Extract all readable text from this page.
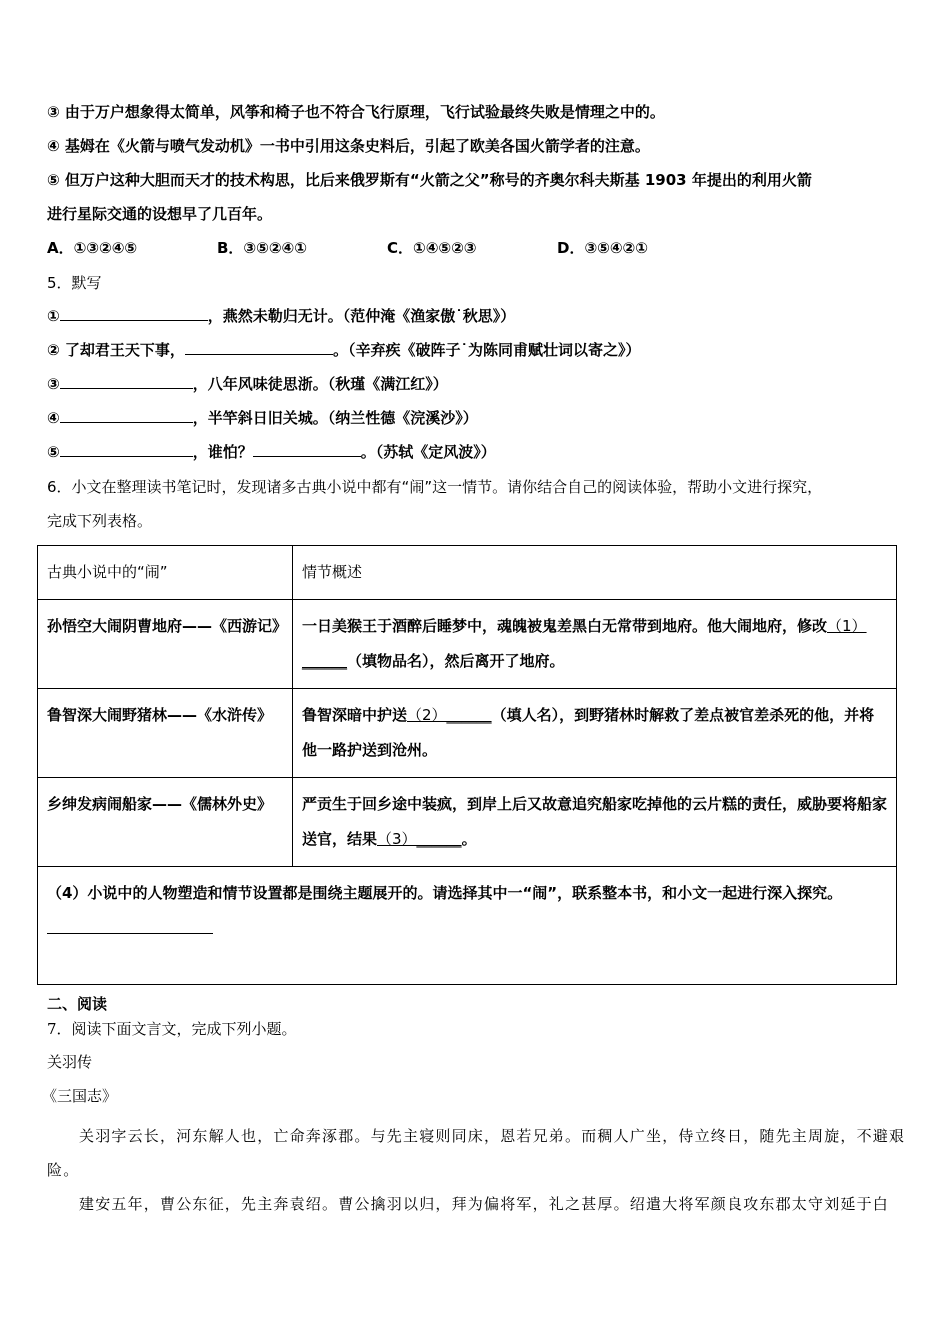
③ 由于万户想象得太简单，风筝和椅子也不符合飞行原理，飞行试验最终失败是情理之中的。
④ 基姆在《火箭与喷气发动机》一书中引用这条史料后，引起了欧美各国火箭学者的注意。
⑤ 但万户这种大胆而天才的技术构思，比后来俄罗斯有“火箭之父”称号的齐奥尔科夫斯基 1903 年提出的利用火箭
进行星际交通的设想早了几百年。
A．①③②④⑤	B．③⑤②④①	C．①④⑤②③	D．③⑤④②①
5．默写
①	，燕然未勒归无计。（范仲淹《渔家傲˙秋思》）
② 了却君王天下事，	。（辛弃疾《破阵子˙为陈同甫赋壮词以寄之》）
③	，八年风味徒思浙。（秋瑾《满江红》）
④	，半竿斜日旧关城。（纳兰性德《浣溪沙》）
⑤	，谁怕？	。（苏轼《定风波》）
6．小文在整理读书笔记时，发现诸多古典小说中都有“闹”这一情节。请你结合自己的阅读体验，帮助小文进行探究，
完成下列表格。
古典小说中的“闹”	情节概述
孙悟空大闹阴曹地府——《西游记》	一日美猴王于酒醉后睡梦中，魂魄被鬼差黑白无常带到地府。他大闹地府，修改（1）______（填物品名），然后离开了地府。
鲁智深大闹野猪林——《水浒传》	鲁智深暗中护送（2）______（填人名），到野猪林时解救了差点被官差杀死的他，并将他一路护送到沧州。
乡绅发病闹船家——《儒林外史》	严贡生于回乡途中装疯，到岸上后又故意追究船家吃掉他的云片糕的责任，威胁要将船家送官，结果（3）______。

（4）小说中的人物塑造和情节设置都是围绕主题展开的。请选择其中一“闹”，联系整本书，和小文一起进行深入探究。	
二、阅读
7．阅读下面文言文，完成下列小题。
关羽传
《三国志》
关羽字云长，河东解人也，亡命奔涿郡。与先主寝则同床，恩若兄弟。而稠人广坐，侍立终日，随先主周旋，不避艰险。
建安五年，曹公东征，先主奔袁绍。曹公擒羽以归，拜为偏将军，礼之甚厚。绍遣大将军颜良攻东郡太守刘延于白
